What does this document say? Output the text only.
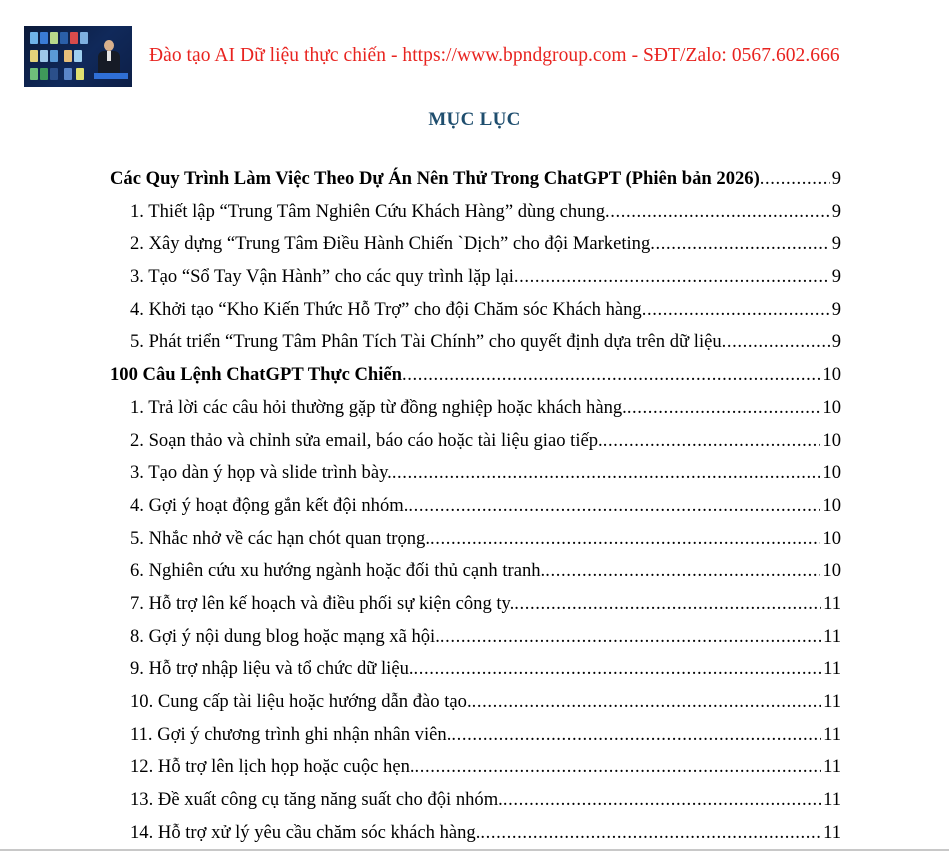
Đào tạo AI Dữ liệu thực chiến - https://www.bpndgroup.com - SĐT/Zalo: 0567.602.666
MỤC LỤC
Các Quy Trình Làm Việc Theo Dự Án Nên Thử Trong ChatGPT (Phiên bản 2026) .....	9
1. Thiết lập “Trung Tâm Nghiên Cứu Khách Hàng” dùng chung .....	9
2. Xây dựng “Trung Tâm Điều Hành Chiến `Dịch” cho đội Marketing .....	9
3. Tạo “Sổ Tay Vận Hành” cho các quy trình lặp lại .....	9
4. Khởi tạo “Kho Kiến Thức Hỗ Trợ” cho đội Chăm sóc Khách hàng .....	9
5. Phát triển “Trung Tâm Phân Tích Tài Chính” cho quyết định dựa trên dữ liệu .....	9
100 Câu Lệnh ChatGPT Thực Chiến .....	10
1. Trả lời các câu hỏi thường gặp từ đồng nghiệp hoặc khách hàng. .....	10
2. Soạn thảo và chỉnh sửa email, báo cáo hoặc tài liệu giao tiếp. .....	10
3. Tạo dàn ý họp và slide trình bày. .....	10
4. Gợi ý hoạt động gắn kết đội nhóm. .....	10
5. Nhắc nhở về các hạn chót quan trọng. .....	10
6. Nghiên cứu xu hướng ngành hoặc đối thủ cạnh tranh. .....	10
7. Hỗ trợ lên kế hoạch và điều phối sự kiện công ty. .....	11
8. Gợi ý nội dung blog hoặc mạng xã hội. .....	11
9. Hỗ trợ nhập liệu và tổ chức dữ liệu. .....	11
10. Cung cấp tài liệu hoặc hướng dẫn đào tạo. .....	11
11. Gợi ý chương trình ghi nhận nhân viên. .....	11
12. Hỗ trợ lên lịch họp hoặc cuộc hẹn. .....	11
13. Đề xuất công cụ tăng năng suất cho đội nhóm. .....	11
14. Hỗ trợ xử lý yêu cầu chăm sóc khách hàng. .....	11
